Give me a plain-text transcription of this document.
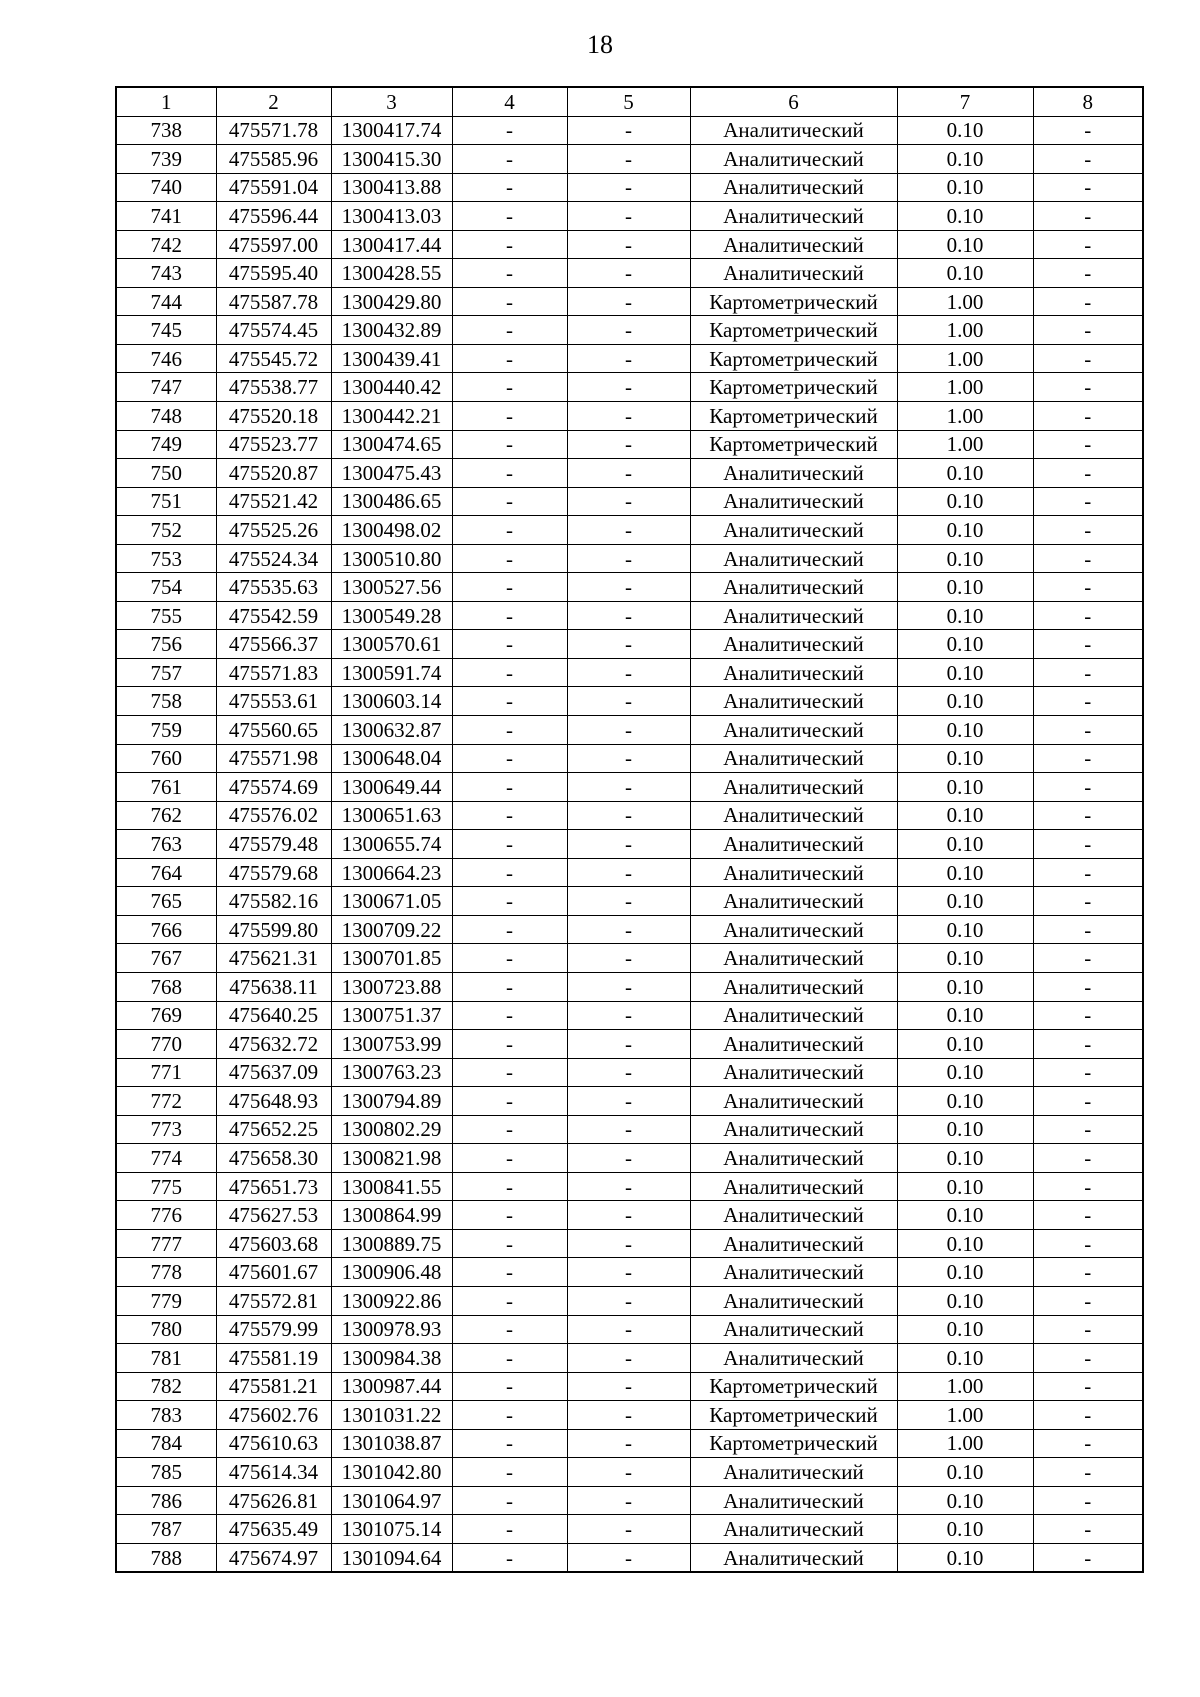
18
1	2	3	4	5	6	7	8
738	475571.78	1300417.74	-	-	Аналитический	0.10	-
739	475585.96	1300415.30	-	-	Аналитический	0.10	-
740	475591.04	1300413.88	-	-	Аналитический	0.10	-
741	475596.44	1300413.03	-	-	Аналитический	0.10	-
742	475597.00	1300417.44	-	-	Аналитический	0.10	-
743	475595.40	1300428.55	-	-	Аналитический	0.10	-
744	475587.78	1300429.80	-	-	Картометрический	1.00	-
745	475574.45	1300432.89	-	-	Картометрический	1.00	-
746	475545.72	1300439.41	-	-	Картометрический	1.00	-
747	475538.77	1300440.42	-	-	Картометрический	1.00	-
748	475520.18	1300442.21	-	-	Картометрический	1.00	-
749	475523.77	1300474.65	-	-	Картометрический	1.00	-
750	475520.87	1300475.43	-	-	Аналитический	0.10	-
751	475521.42	1300486.65	-	-	Аналитический	0.10	-
752	475525.26	1300498.02	-	-	Аналитический	0.10	-
753	475524.34	1300510.80	-	-	Аналитический	0.10	-
754	475535.63	1300527.56	-	-	Аналитический	0.10	-
755	475542.59	1300549.28	-	-	Аналитический	0.10	-
756	475566.37	1300570.61	-	-	Аналитический	0.10	-
757	475571.83	1300591.74	-	-	Аналитический	0.10	-
758	475553.61	1300603.14	-	-	Аналитический	0.10	-
759	475560.65	1300632.87	-	-	Аналитический	0.10	-
760	475571.98	1300648.04	-	-	Аналитический	0.10	-
761	475574.69	1300649.44	-	-	Аналитический	0.10	-
762	475576.02	1300651.63	-	-	Аналитический	0.10	-
763	475579.48	1300655.74	-	-	Аналитический	0.10	-
764	475579.68	1300664.23	-	-	Аналитический	0.10	-
765	475582.16	1300671.05	-	-	Аналитический	0.10	-
766	475599.80	1300709.22	-	-	Аналитический	0.10	-
767	475621.31	1300701.85	-	-	Аналитический	0.10	-
768	475638.11	1300723.88	-	-	Аналитический	0.10	-
769	475640.25	1300751.37	-	-	Аналитический	0.10	-
770	475632.72	1300753.99	-	-	Аналитический	0.10	-
771	475637.09	1300763.23	-	-	Аналитический	0.10	-
772	475648.93	1300794.89	-	-	Аналитический	0.10	-
773	475652.25	1300802.29	-	-	Аналитический	0.10	-
774	475658.30	1300821.98	-	-	Аналитический	0.10	-
775	475651.73	1300841.55	-	-	Аналитический	0.10	-
776	475627.53	1300864.99	-	-	Аналитический	0.10	-
777	475603.68	1300889.75	-	-	Аналитический	0.10	-
778	475601.67	1300906.48	-	-	Аналитический	0.10	-
779	475572.81	1300922.86	-	-	Аналитический	0.10	-
780	475579.99	1300978.93	-	-	Аналитический	0.10	-
781	475581.19	1300984.38	-	-	Аналитический	0.10	-
782	475581.21	1300987.44	-	-	Картометрический	1.00	-
783	475602.76	1301031.22	-	-	Картометрический	1.00	-
784	475610.63	1301038.87	-	-	Картометрический	1.00	-
785	475614.34	1301042.80	-	-	Аналитический	0.10	-
786	475626.81	1301064.97	-	-	Аналитический	0.10	-
787	475635.49	1301075.14	-	-	Аналитический	0.10	-
788	475674.97	1301094.64	-	-	Аналитический	0.10	-
